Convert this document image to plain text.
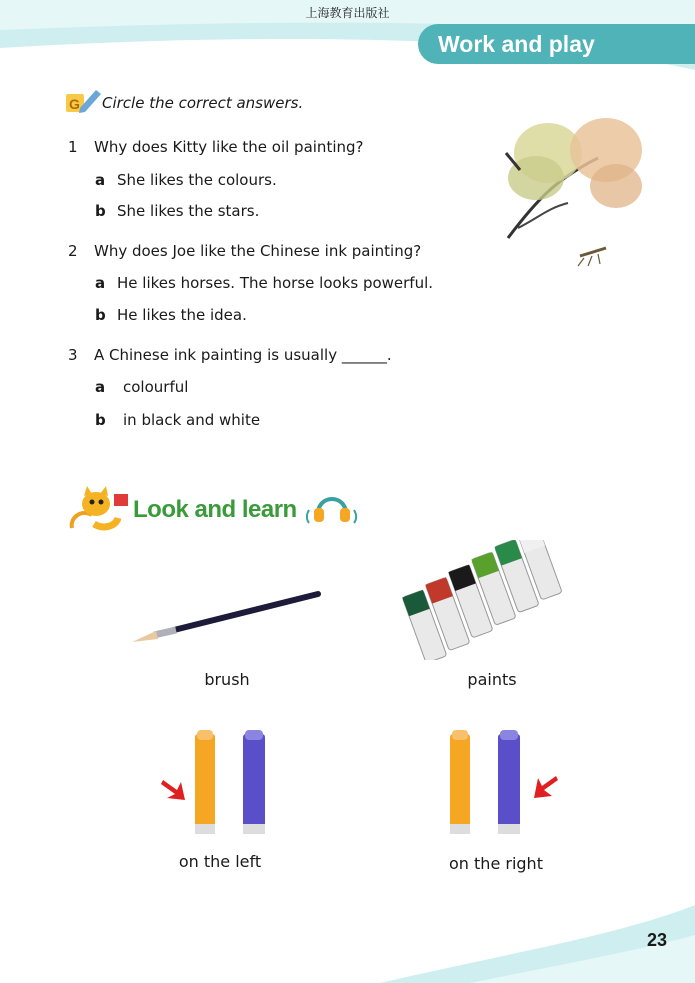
上海教育出版社
Work and play
G Circle the correct answers.
1 Why does Kitty like the oil painting?
a She likes the colours.
b She likes the stars.
2 Why does Joe like the Chinese ink painting?
a He likes horses. The horse looks powerful.
b He likes the idea.
3 A Chinese ink painting is usually ______.
a colourful
b in black and white
Look and learn
brush	paints
on the left	on the right
23
